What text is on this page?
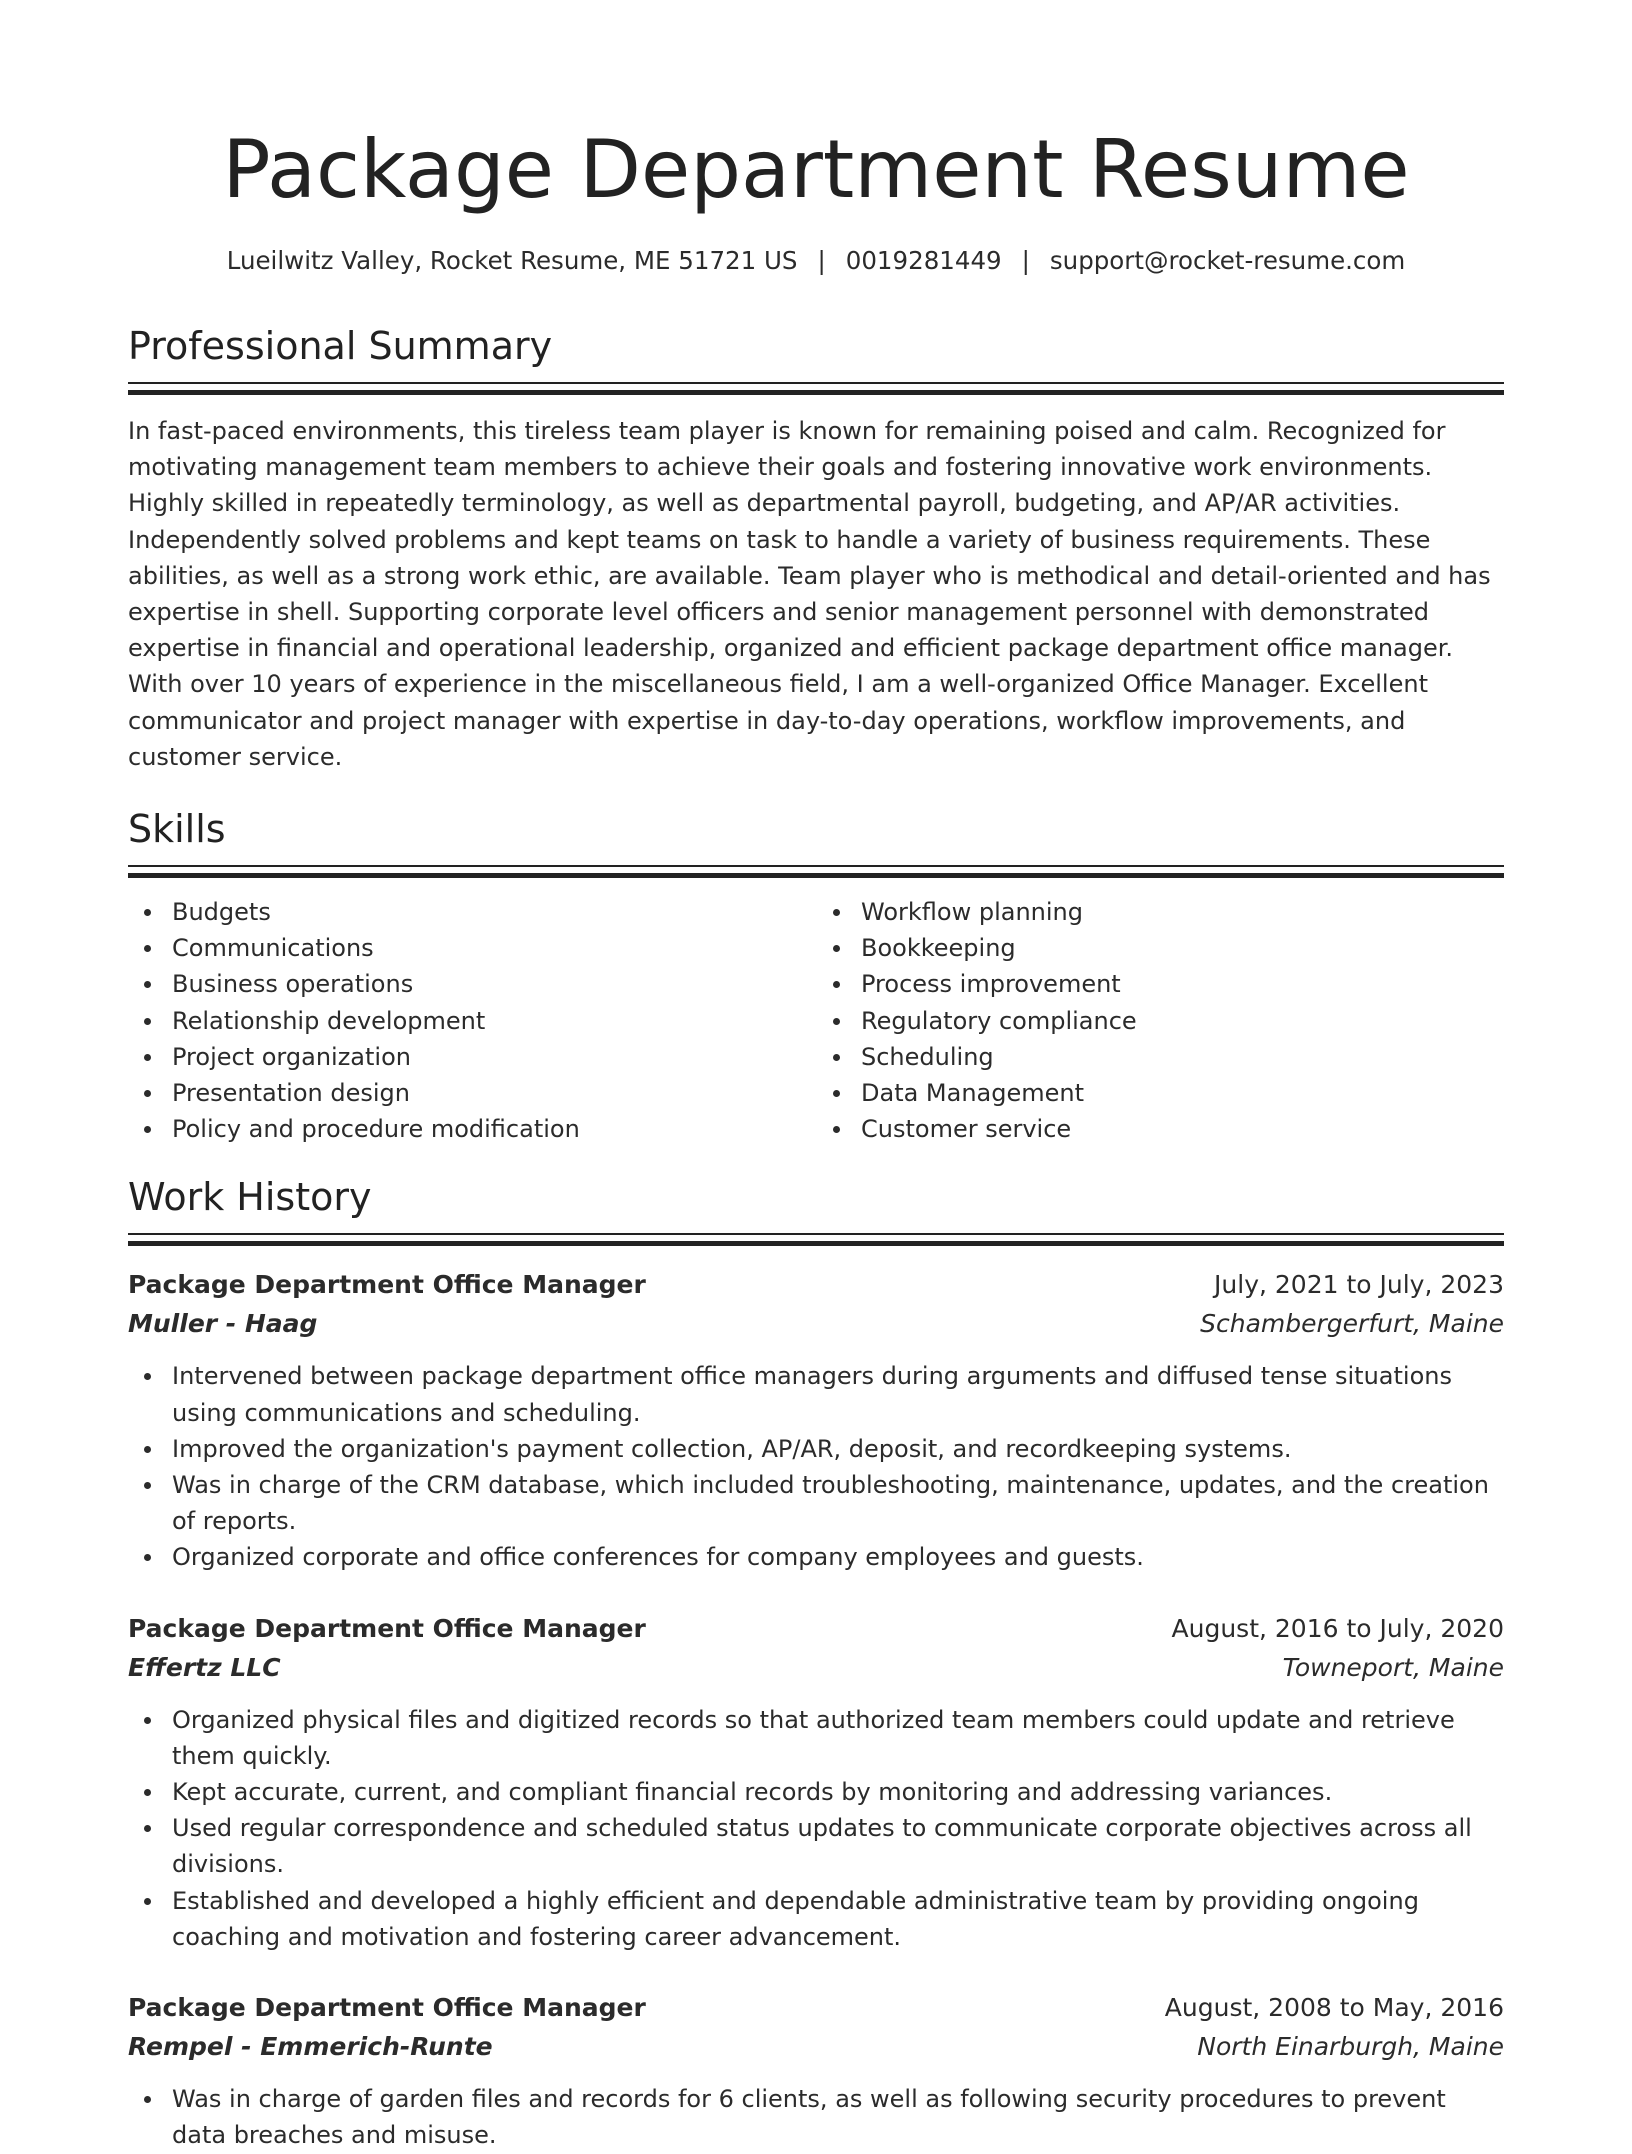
Package Department Resume
Lueilwitz Valley, Rocket Resume, ME 51721 US | 0019281449 | support@rocket-resume.com
Professional Summary

In fast-paced environments, this tireless team player is known for remaining poised and calm. Recognized for motivating management team members to achieve their goals and fostering innovative work environments. Highly skilled in repeatedly terminology, as well as departmental payroll, budgeting, and AP/AR activities. Independently solved problems and kept teams on task to handle a variety of business requirements. These abilities, as well as a strong work ethic, are available. Team player who is methodical and detail-oriented and has expertise in shell. Supporting corporate level officers and senior management personnel with demonstrated expertise in financial and operational leadership, organized and efficient package department office manager. With over 10 years of experience in the miscellaneous field, I am a well-organized Office Manager. Excellent communicator and project manager with expertise in day-to-day operations, workflow improvements, and customer service.

Skills
Budgets
Communications
Business operations
Relationship development
Project organization
Presentation design
Policy and procedure modification
Workflow planning
Bookkeeping
Process improvement
Regulatory compliance
Scheduling
Data Management
Customer service
Work History
Package Department Office Manager	July, 2021 to July, 2023
Muller - Haag	Schambergerfurt, Maine
Intervened between package department office managers during arguments and diffused tense situations using communications and scheduling.
Improved the organization's payment collection, AP/AR, deposit, and recordkeeping systems.
Was in charge of the CRM database, which included troubleshooting, maintenance, updates, and the creation of reports.
Organized corporate and office conferences for company employees and guests.
Package Department Office Manager	August, 2016 to July, 2020
Effertz LLC	Towneport, Maine
Organized physical files and digitized records so that authorized team members could update and retrieve them quickly.
Kept accurate, current, and compliant financial records by monitoring and addressing variances.
Used regular correspondence and scheduled status updates to communicate corporate objectives across all divisions.
Established and developed a highly efficient and dependable administrative team by providing ongoing coaching and motivation and fostering career advancement.
Package Department Office Manager	August, 2008 to May, 2016
Rempel - Emmerich-Runte	North Einarburgh, Maine
Was in charge of garden files and records for 6 clients, as well as following security procedures to prevent data breaches and misuse.
